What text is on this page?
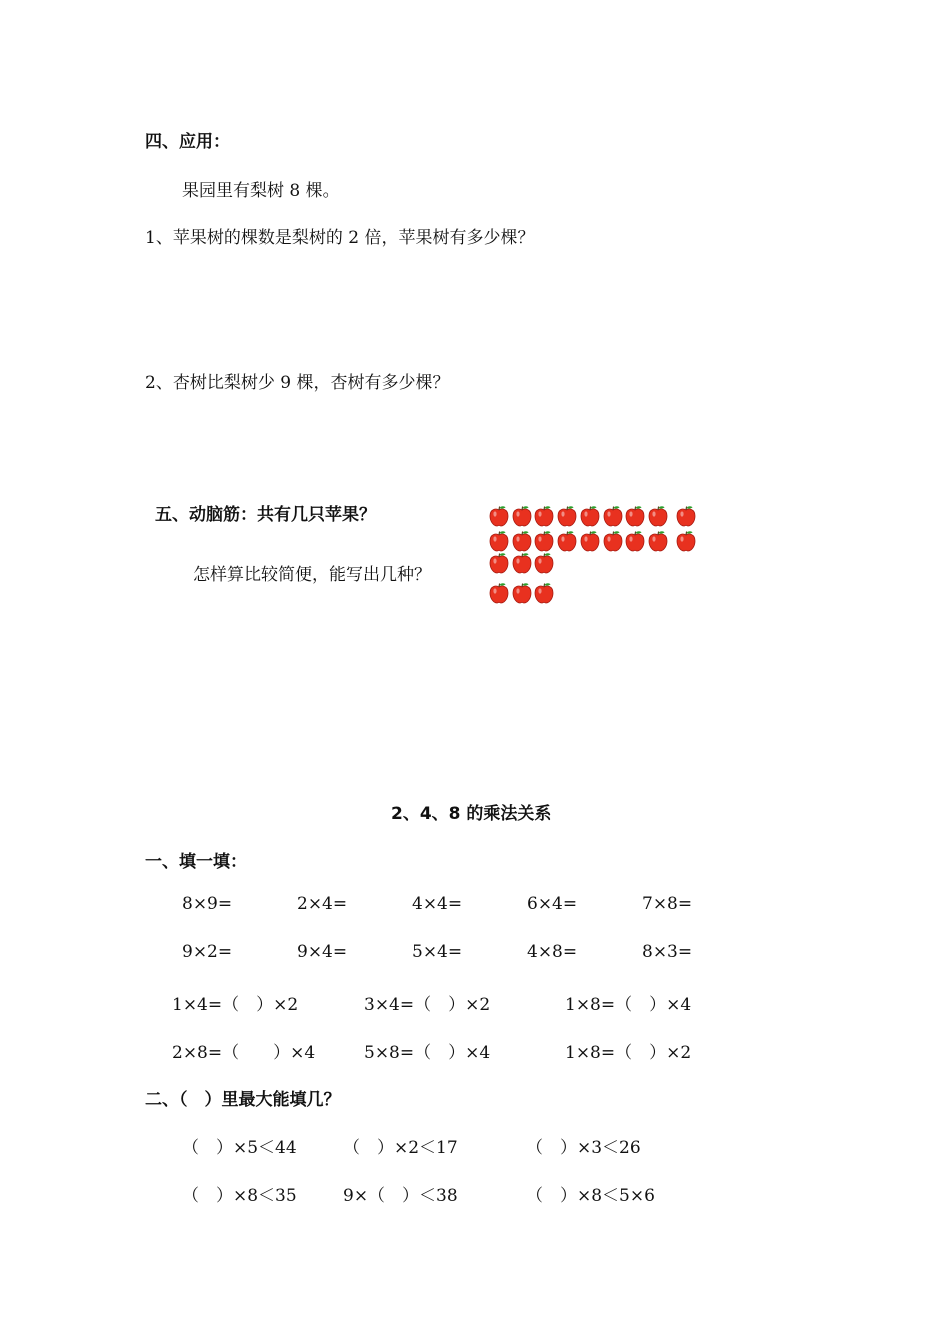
四、应用：
果园里有梨树 8 棵。
1、苹果树的棵数是梨树的 2 倍，苹果树有多少棵？
2、杏树比梨树少 9 棵，杏树有多少棵？
五、动脑筋：共有几只苹果？
怎样算比较简便，能写出几种？
2、4、8 的乘法关系
一、填一填：
8×9=	2×4=	4×4=	6×4=	7×8=
9×2=	9×4=	5×4=	4×8=	8×3=
1×4=（　）×2	3×4=（　）×2	1×8=（　）×4
2×8=（　　）×4	5×8=（　）×4	1×8=（　）×2
二、（　）里最大能填几？
（　）×5＜44	（　）×2＜17	（　）×3＜26
（　）×8＜35	9×（　）＜38	（　）×8＜5×6
